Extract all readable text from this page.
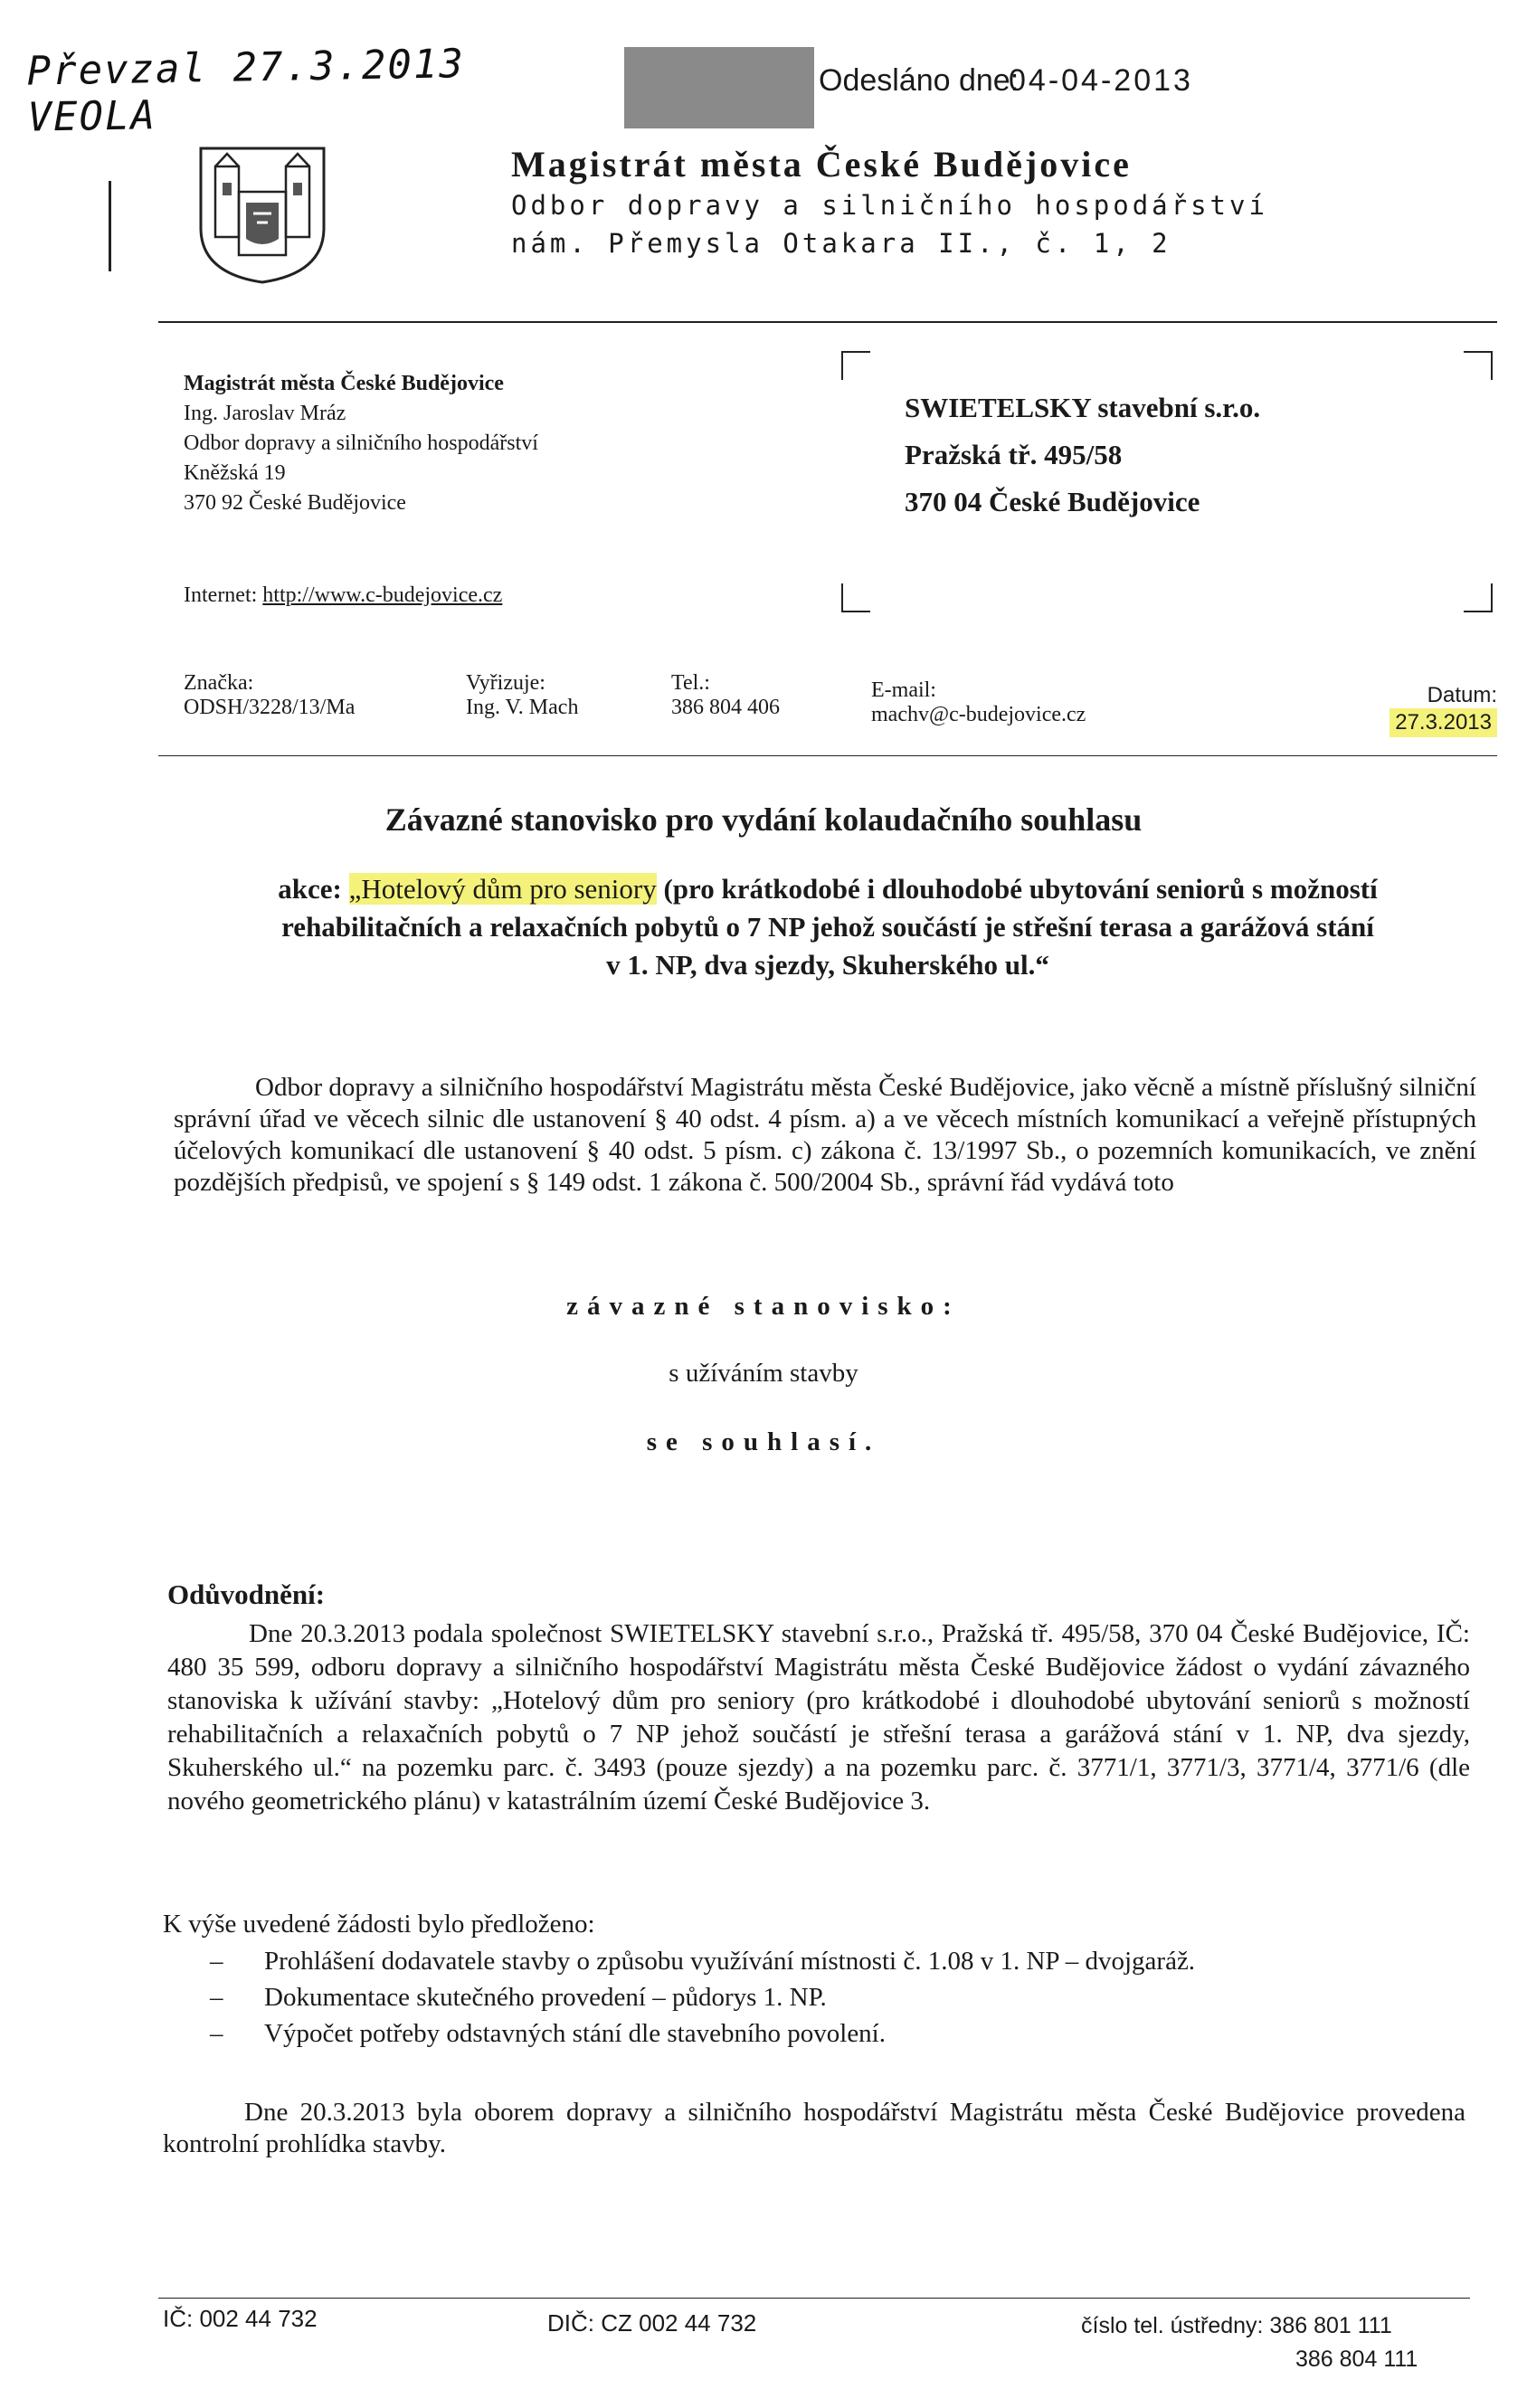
Převzal 27.3.2013 VEOLA
Odesláno dne:
04-04-2013
Magistrát města České Budějovice
Odbor dopravy a silničního hospodářství
nám. Přemysla Otakara II., č. 1, 2
Magistrát města České Budějovice
Ing. Jaroslav Mráz
Odbor dopravy a silničního hospodářství
Kněžská 19
370 92 České Budějovice
SWIETELSKY stavební s.r.o.
Pražská tř. 495/58
370 04 České Budějovice
Internet: http://www.c-budejovice.cz
Značka:
ODSH/3228/13/Ma
Vyřizuje:
Ing. V. Mach
Tel.:
386 804 406
E-mail:
machv@c-budejovice.cz
Datum:
27.3.2013
Závazné stanovisko pro vydání kolaudačního souhlasu
akce: „Hotelový dům pro seniory (pro krátkodobé i dlouhodobé ubytování seniorů s možností
rehabilitačních a relaxačních pobytů o 7 NP jehož součástí je střešní terasa a garážová stání
v 1. NP, dva sjezdy, Skuherského ul.“
Odbor dopravy a silničního hospodářství Magistrátu města České Budějovice, jako věcně a místně příslušný silniční správní úřad ve věcech silnic dle ustanovení § 40 odst. 4 písm. a) a ve věcech místních komunikací a veřejně přístupných účelových komunikací dle ustanovení § 40 odst. 5 písm. c) zákona č. 13/1997 Sb., o pozemních komunikacích, ve znění pozdějších předpisů, ve spojení s § 149 odst. 1 zákona č. 500/2004 Sb., správní řád vydává toto
závazné stanovisko:
s užíváním stavby
se souhlasí.
Odůvodnění:
Dne 20.3.2013 podala společnost SWIETELSKY stavební s.r.o., Pražská tř. 495/58, 370 04 České Budějovice, IČ: 480 35 599, odboru dopravy a silničního hospodářství Magistrátu města České Budějovice žádost o vydání závazného stanoviska k užívání stavby: „Hotelový dům pro seniory (pro krátkodobé i dlouhodobé ubytování seniorů s možností rehabilitačních a relaxačních pobytů o 7 NP jehož součástí je střešní terasa a garážová stání v 1. NP, dva sjezdy, Skuherského ul.“ na pozemku parc. č. 3493 (pouze sjezdy) a na pozemku parc. č. 3771/1, 3771/3, 3771/4, 3771/6 (dle nového geometrického plánu) v katastrálním území České Budějovice 3.
K výše uvedené žádosti bylo předloženo:
– Prohlášení dodavatele stavby o způsobu využívání místnosti č. 1.08 v 1. NP – dvojgaráž.
– Dokumentace skutečného provedení – půdorys 1. NP.
– Výpočet potřeby odstavných stání dle stavebního povolení.
Dne 20.3.2013 byla oborem dopravy a silničního hospodářství Magistrátu města České Budějovice provedena kontrolní prohlídka stavby.
IČ: 002 44 732	DIČ: CZ 002 44 732	číslo tel. ústředny: 386 801 111
386 804 111
